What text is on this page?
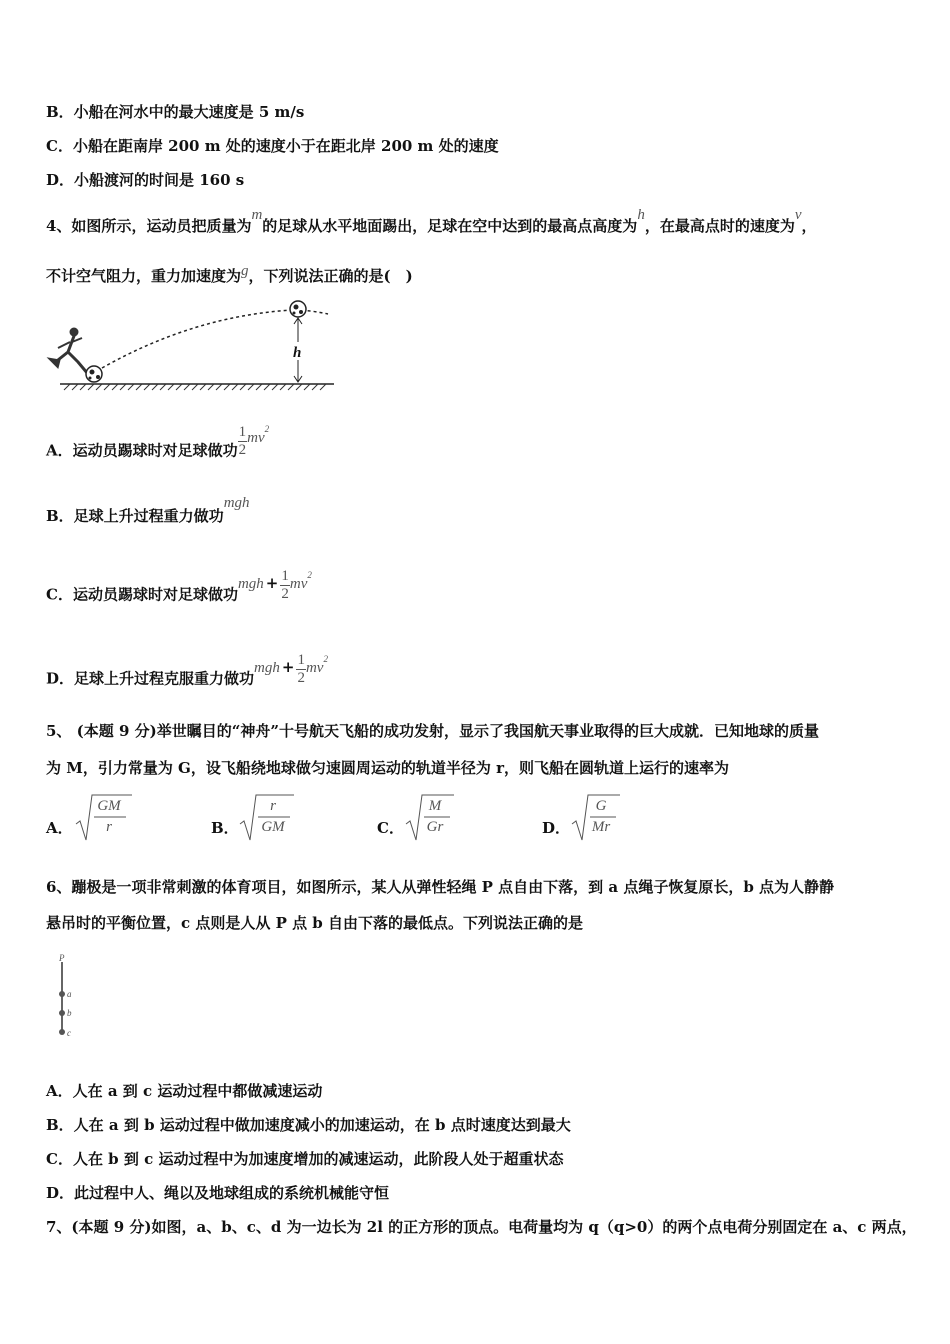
B．小船在河水中的最大速度是 5 m/s
C．小船在距南岸 200 m 处的速度小于在距北岸 200 m 处的速度
D．小船渡河的时间是 160 s
4、如图所示，运动员把质量为m的足球从水平地面踢出，足球在空中达到的最高点高度为h，在最高点时的速度为v，
不计空气阻力，重力加速度为g，下列说法正确的是(　)
h
A．运动员踢球时对足球做功 $\frac{1}{2} mv^2$
B．足球上升过程重力做功mgh
C．运动员踢球时对足球做功mgh + $\frac{1}{2} mv^2$
D．足球上升过程克服重力做功mgh + $\frac{1}{2} mv^2$
5、 (本题 9 分)举世瞩目的“神舟”十号航天飞船的成功发射，显示了我国航天事业取得的巨大成就．已知地球的质量
为 M，引力常量为 G，设飞船绕地球做匀速圆周运动的轨道半径为 r，则飞船在圆轨道上运行的速率为
A．
GM
r	B．
r
GM	C．
M
Gr	D．
G
Mr
6、蹦极是一项非常刺激的体育项目，如图所示，某人从弹性轻绳 P 点自由下落，到 a 点绳子恢复原长，b 点为人静静
悬吊时的平衡位置，c 点则是人从 P 点 b 自由下落的最低点。下列说法正确的是
P
a
b
c
A．人在 a 到 c 运动过程中都做减速运动
B．人在 a 到 b 运动过程中做加速度减小的加速运动，在 b 点时速度达到最大
C．人在 b 到 c 运动过程中为加速度增加的减速运动，此阶段人处于超重状态
D．此过程中人、绳以及地球组成的系统机械能守恒
7、(本题 9 分)如图，a、b、c、d 为一边长为 2l 的正方形的顶点。电荷量均为 q（q>0）的两个点电荷分别固定在 a、c 两点，
